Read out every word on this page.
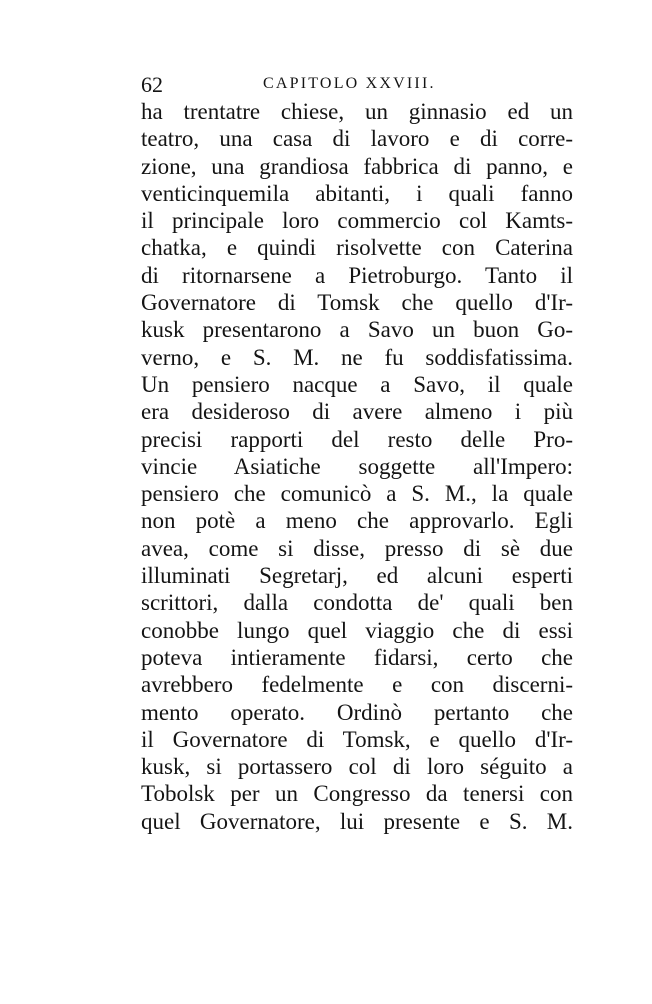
62	CAPITOLO XXVIII.
ha trentatre chiese, un ginnasio ed un
teatro, una casa di lavoro e di corre-
zione, una grandiosa fabbrica di panno, e
venticinquemila abitanti, i quali fanno
il principale loro commercio col Kamts-
chatka, e quindi risolvette con Caterina
di ritornarsene a Pietroburgo. Tanto il
Governatore di Tomsk che quello d'Ir-
kusk presentarono a Savo un buon Go-
verno, e S. M. ne fu soddisfatissima.
Un pensiero nacque a Savo, il quale
era desideroso di avere almeno i più
precisi rapporti del resto delle Pro-
vincie Asiatiche soggette all'Impero:
pensiero che comunicò a S. M., la quale
non potè a meno che approvarlo. Egli
avea, come si disse, presso di sè due
illuminati Segretarj, ed alcuni esperti
scrittori, dalla condotta de' quali ben
conobbe lungo quel viaggio che di essi
poteva intieramente fidarsi, certo che
avrebbero fedelmente e con discerni-
mento operato. Ordinò pertanto che
il Governatore di Tomsk, e quello d'Ir-
kusk, si portassero col di loro séguito a
Tobolsk per un Congresso da tenersi con
quel Governatore, lui presente e S. M.
